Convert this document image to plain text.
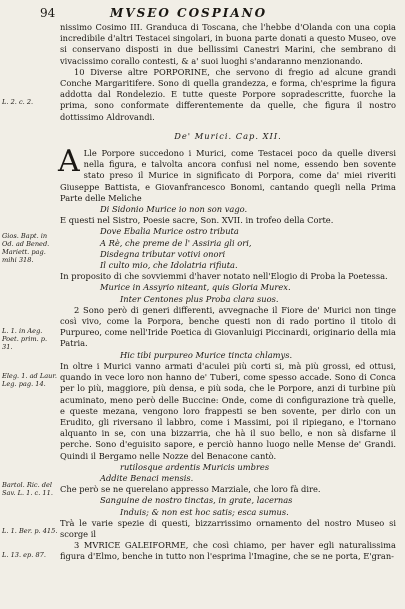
94	MVSEO COSPIANO
L. 2. c. 2.
Gios. Bapt. in Od. ad Bened. Mariett. pag. mihi 318.
L. 1. in Aeg. Poet. prim. p. 31.
Eleg. 1. ad Laur. Leg. pag. 14.
Bartol. Ric. del Sav. L. 1. c. 11.
L. 1. Ber. p. 415.
L. 13. ep. 87.

nissimo Cosimo III. Granduca di Toscana, che l'hebbe d'Olanda con una copia incredibile d'altri Testacei singolari, in buona parte donati a questo Museo, ove si conservano disposti in due bellissimi Canestri Marini, che sembrano di vivacissimo corallo contesti, & a' suoi luoghi s'andaranno menzionando.

10 Diverse altre PORPORINE, che servono di fregio ad alcune grandi Conche Margaritifere. Sono di quella grandezza, e forma, ch'esprime la figura addotta dal Rondelezio. E tutte queste Porpore sopradescritte, fuorche la prima, sono conformate differentemente da quelle, che figura il nostro dottissimo Aldrovandi.

De' Murici. Cap. XII.

A Lle Porpore succedono i Murici, come Testacei poco da quelle diversi nella figura, e talvolta ancora confusi nel nome, essendo ben sovente stato preso il Murice in significato di Porpora, come da' miei riveriti Giuseppe Battista, e Giovanfrancesco Bonomi, cantando quegli nella Prima Parte delle Meliche

Di Sidonio Murice io non son vago.

E questi nel Sistro, Poesie sacre, Son. XVII. in trofeo della Corte.

Dove Ebalia Murice ostro tributa

A Rè, che preme de l' Assiria gli ori,

Disdegna tributar votivi onori

Il culto mio, che Idolatria rifiuta.

In proposito di che sovviemmi d'haver notato nell'Elogio di Proba la Poetessa.

Murice in Assyrio niteant, quis Gloria Murex.

Inter Centones plus Proba clara suos.

2 Sono però di generi differenti, avvegnache il Fiore de' Murici non tinge così vivo, come la Porpora, benche questi non di rado portino il titolo di Purpureo, come nell'Iride Poetica di Giovanluigi Piccinardi, originario della mia Patria.

Hic tibi purpureo Murice tincta chlamys.

In oltre i Murici vanno armati d'aculei più corti si, mà più grossi, ed ottusi, quando in vece loro non hanno de' Tuberi, come spesso accade. Sono di Conca per lo più, maggiore, più densa, e più soda, che le Porpore, anzi di turbine più acuminato, meno però delle Buccine: Onde, come di configurazione trà quelle, e queste mezana, vengono loro frappesti se ben sovente, per dirlo con un Erudito, gli riversano il labbro, come i Massimi, poi il ripiegano, e l'tornano alquanto in se, con una bizzarria, che hà il suo bello, e non sà disfarne il perche. Sono d'eguisito sapore, e perciò hanno luogo nelle Mense de' Grandi. Quindi il Bergamo nelle Nozze del Benacone cantò.

rutilosque ardentis Muricis umbres

Addite Benaci mensis.

Che però se ne querelano appresso Marziale, che loro fà dire.

Sanguine de nostro tinctas, in grate, lacernas

Induis; & non est hoc satis; esca sumus.

Trà le varie spezie di questi, bizzarrissimo ornamento del nostro Museo si scorge il

3 MVRICE GALEIFORME, che così chiamo, per haver egli naturalissima figura d'Elmo, benche in tutto non l'esprima l'Imagine, che se ne porta, E'gran-
